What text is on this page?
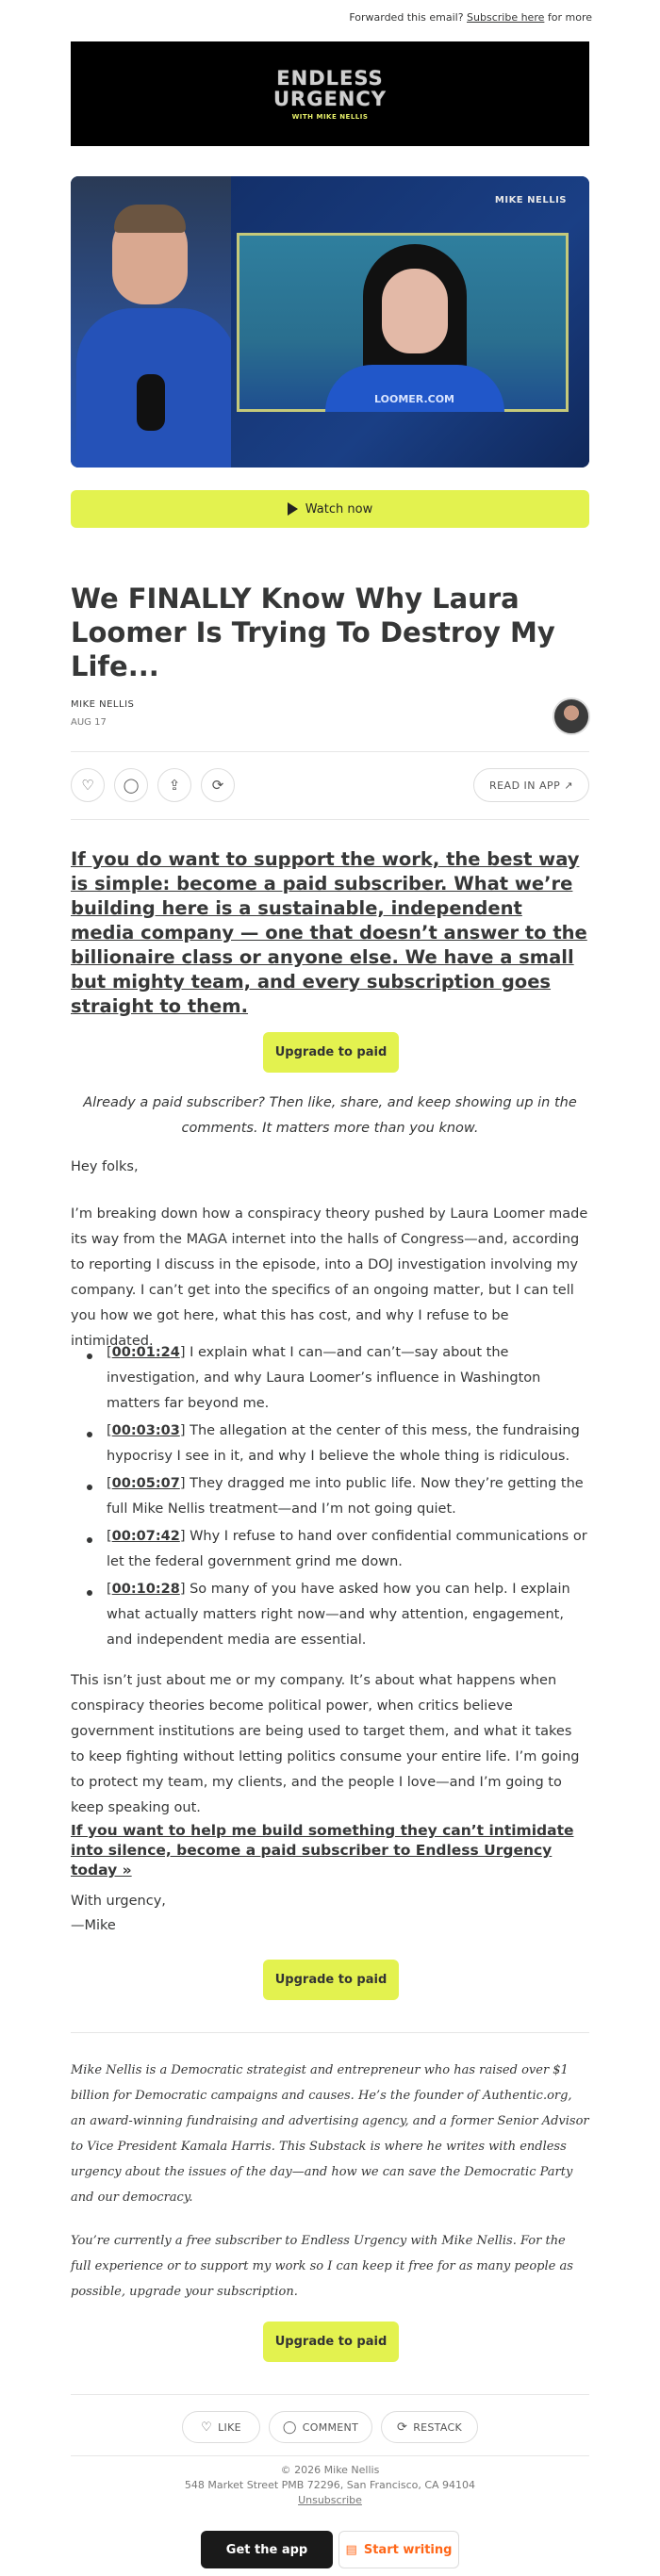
Forwarded this email? Subscribe here for more
ENDLESS
URGENCY
WITH MIKE NELLIS
LOOMER.COM
MIKE NELLIS
Watch now
We FINALLY Know Why Laura Loomer Is Trying To Destroy My Life...
MIKE NELLIS
AUG 17
♡ ◯ ⇪ ⟳	READ IN APP ↗
If you do want to support the work, the best way is simple: become a paid subscriber. What we’re building here is a sustainable, independent media company — one that doesn’t answer to the billionaire class or anyone else. We have a small but mighty team, and every subscription goes straight to them.
Upgrade to paid
Already a paid subscriber? Then like, share, and keep showing up in the comments. It matters more than you know.
Hey folks,
I’m breaking down how a conspiracy theory pushed by Laura Loomer made its way from the MAGA internet into the halls of Congress—and, according to reporting I discuss in the episode, into a DOJ investigation involving my company. I can’t get into the specifics of an ongoing matter, but I can tell you how we got here, what this has cost, and why I refuse to be intimidated.
[00:01:24] I explain what I can—and can’t—say about the investigation, and why Laura Loomer’s influence in Washington matters far beyond me.
[00:03:03] The allegation at the center of this mess, the fundraising hypocrisy I see in it, and why I believe the whole thing is ridiculous.
[00:05:07] They dragged me into public life. Now they’re getting the full Mike Nellis treatment—and I’m not going quiet.
[00:07:42] Why I refuse to hand over confidential communications or let the federal government grind me down.
[00:10:28] So many of you have asked how you can help. I explain what actually matters right now—and why attention, engagement, and independent media are essential.
This isn’t just about me or my company. It’s about what happens when conspiracy theories become political power, when critics believe government institutions are being used to target them, and what it takes to keep fighting without letting politics consume your entire life. I’m going to protect my team, my clients, and the people I love—and I’m going to keep speaking out.
If you want to help me build something they can’t intimidate into silence, become a paid subscriber to Endless Urgency today »
With urgency,
—Mike
Upgrade to paid
Mike Nellis is a Democratic strategist and entrepreneur who has raised over $1 billion for Democratic campaigns and causes. He’s the founder of Authentic.org, an award-winning fundraising and advertising agency, and a former Senior Advisor to Vice President Kamala Harris. This Substack is where he writes with endless urgency about the issues of the day—and how we can save the Democratic Party and our democracy.
You’re currently a free subscriber to Endless Urgency with Mike Nellis. For the full experience or to support my work so I can keep it free for as many people as possible, upgrade your subscription.
Upgrade to paid
♡ LIKE	◯ COMMENT	⟳ RESTACK
© 2026 Mike Nellis
548 Market Street PMB 72296, San Francisco, CA 94104
Unsubscribe
Get the app	▤ Start writing
